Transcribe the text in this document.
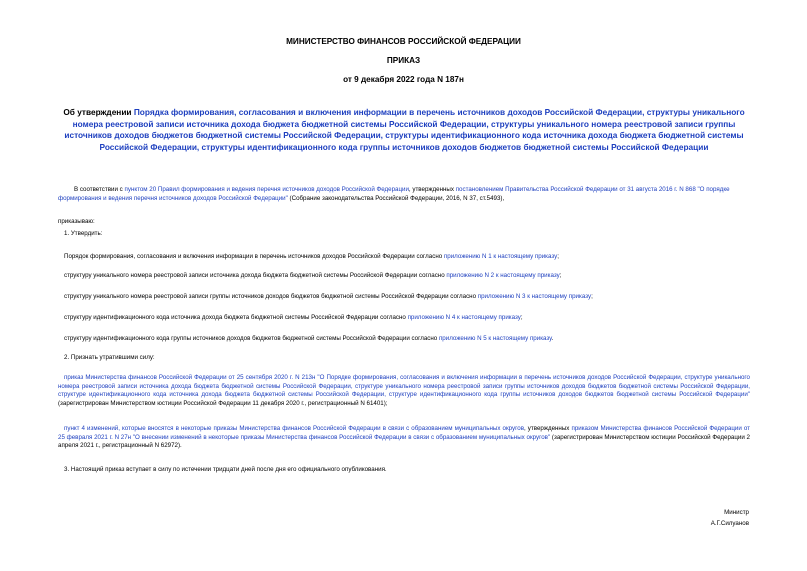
МИНИСТЕРСТВО ФИНАНСОВ РОССИЙСКОЙ ФЕДЕРАЦИИ
ПРИКАЗ
от 9 декабря 2022 года N 187н
Об утверждении Порядка формирования, согласования и включения информации в перечень источников доходов Российской Федерации, структуры уникального номера реестровой записи источника дохода бюджета бюджетной системы Российской Федерации, структуры уникального номера реестровой записи группы источников доходов бюджетов бюджетной системы Российской Федерации, структуры идентификационного кода источника дохода бюджета бюджетной системы Российской Федерации, структуры идентификационного кода группы источников доходов бюджетов бюджетной системы Российской Федерации
В соответствии с пунктом 20 Правил формирования и ведения перечня источников доходов Российской Федерации, утвержденных постановлением Правительства Российской Федерации от 31 августа 2016 г. N 868 "О порядке формирования и ведения перечня источников доходов Российской Федерации" (Собрание законодательства Российской Федерации, 2016, N 37, ст.5493),
приказываю:
1. Утвердить:
Порядок формирования, согласования и включения информации в перечень источников доходов Российской Федерации согласно приложению N 1 к настоящему приказу;
структуру уникального номера реестровой записи источника дохода бюджета бюджетной системы Российской Федерации согласно приложению N 2 к настоящему приказу;
структуру уникального номера реестровой записи группы источников доходов бюджетов бюджетной системы Российской Федерации согласно приложению N 3 к настоящему приказу;
структуру идентификационного кода источника дохода бюджета бюджетной системы Российской Федерации согласно приложению N 4 к настоящему приказу;
структуру идентификационного кода группы источников доходов бюджетов бюджетной системы Российской Федерации согласно приложению N 5 к настоящему приказу.
2. Признать утратившими силу:
приказ Министерства финансов Российской Федерации от 25 сентября 2020 г. N 213н "О Порядке формирования, согласования и включения информации в перечень источников доходов Российской Федерации, структуре уникального номера реестровой записи источника дохода бюджета бюджетной системы Российской Федерации, структуре уникального номера реестровой записи группы источников доходов бюджетов бюджетной системы Российской Федерации, структуре идентификационного кода источника дохода бюджета бюджетной системы Российской Федерации, структуре идентификационного кода группы источников доходов бюджетов бюджетной системы Российской Федерации" (зарегистрирован Министерством юстиции Российской Федерации 11 декабря 2020 г., регистрационный N 61401);
пункт 4 изменений, которые вносятся в некоторые приказы Министерства финансов Российской Федерации в связи с образованием муниципальных округов, утвержденных приказом Министерства финансов Российской Федерации от 25 февраля 2021 г. N 27н "О внесении изменений в некоторые приказы Министерства финансов Российской Федерации в связи с образованием муниципальных округов" (зарегистрирован Министерством юстиции Российской Федерации 2 апреля 2021 г., регистрационный N 62972).
3. Настоящий приказ вступает в силу по истечении тридцати дней после дня его официального опубликования.
Министр
А.Г.Силуанов
